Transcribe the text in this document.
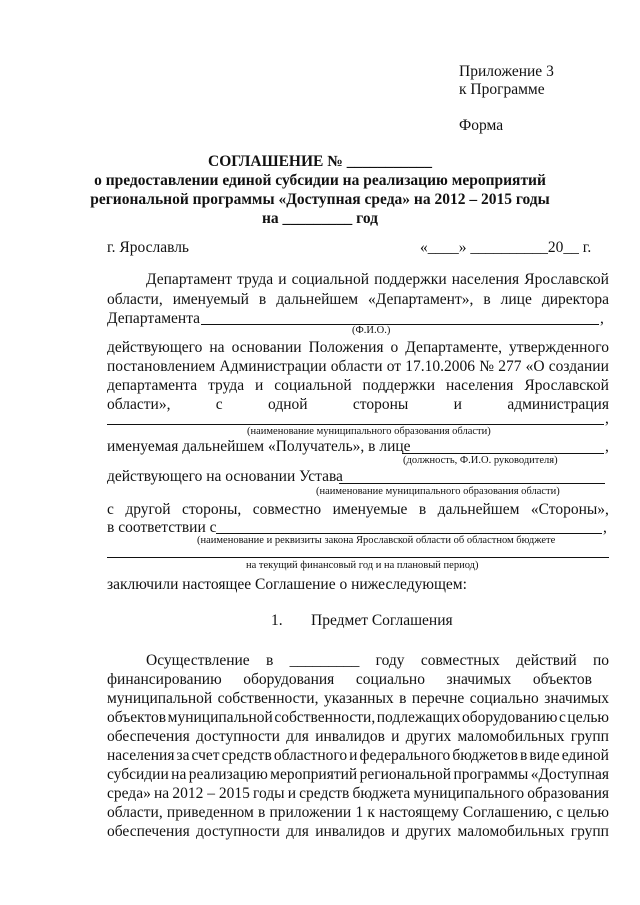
Приложение 3
к Программе
Форма
СОГЛАШЕНИЕ № ___________
о предоставлении единой субсидии на реализацию мероприятий
региональной программы «Доступная среда» на 2012 – 2015 годы
на _________ год
г. Ярославль	«____» __________20__ г.
Департамент труда и социальной поддержки населения Ярославской
области, именуемый в дальнейшем «Департамент», в лице директора
Департамента	,
(Ф.И.О.)
действующего на основании Положения о Департаменте, утвержденного
постановлением Администрации области от 17.10.2006 № 277 «О создании
департамента труда и социальной поддержки населения Ярославской
области»,	с	одной	стороны	и	администрация
,
(наименование муниципального образования области)
именуемая дальнейшем «Получатель», в лице	,
(должность, Ф.И.О. руководителя)
действующего на основании Устава
(наименование муниципального образования области)
с другой стороны, совместно именуемые в дальнейшем «Стороны»,
в соответствии с	,
(наименование и реквизиты закона Ярославской области об областном бюджете
на текущий финансовый год и на плановый период)
заключили настоящее Соглашение о нижеследующем:
1. Предмет Соглашения
Осуществление в _________ году совместных действий по
финансированию оборудования социально значимых объектов
муниципальной собственности, указанных в перечне социально значимых
объектов муниципальной собственности, подлежащих оборудованию с целью
обеспечения доступности для инвалидов и других маломобильных групп
населения за счет средств областного и федерального бюджетов в виде единой
субсидии на реализацию мероприятий региональной программы «Доступная
среда» на 2012 – 2015 годы и средств бюджета муниципального образования
области, приведенном в приложении 1 к настоящему Соглашению, с целью
обеспечения доступности для инвалидов и других маломобильных групп
